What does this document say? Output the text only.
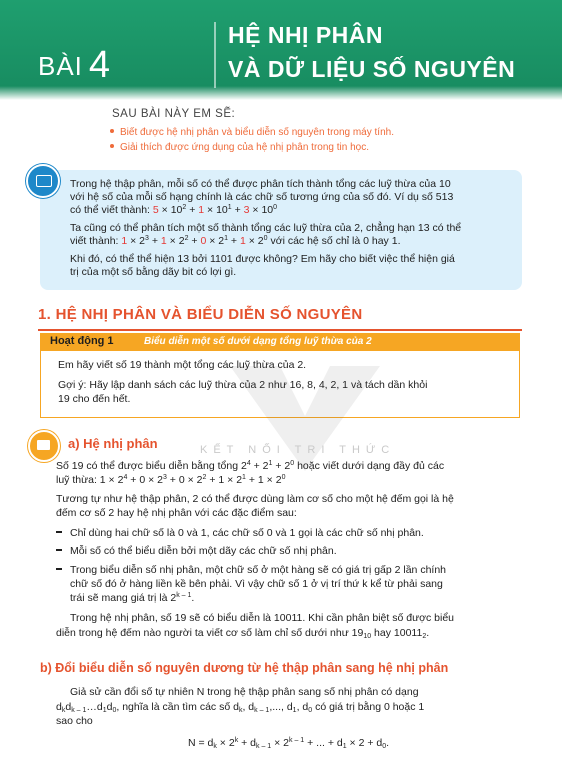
BÀI 4
HỆ NHỊ PHÂN
VÀ DỮ LIỆU SỐ NGUYÊN
SAU BÀI NÀY EM SẼ:
Biết được hệ nhị phân và biểu diễn số nguyên trong máy tính.
Giải thích được ứng dụng của hệ nhị phân trong tin học.
Trong hệ thập phân, mỗi số có thể được phân tích thành tổng các luỹ thừa của 10
với hệ số của mỗi số hạng chính là các chữ số tương ứng của số đó. Ví dụ số 513
có thể viết thành: $5 \times 10^2 + 1 \times 10^1 + 3 \times 10^0$
Ta cũng có thể phân tích một số thành tổng các luỹ thừa của 2, chẳng hạn 13 có thể
viết thành: $1 \times 2^3 + 1 \times 2^2 + 0 \times 2^1 + 1 \times 2^0$ với các hệ số chỉ là 0 hay 1.
Khi đó, có thể thể hiện 13 bởi 1101 được không? Em hãy cho biết việc thể hiện giá
trị của một số bằng dãy bit có lợi gì.
1. HỆ NHỊ PHÂN VÀ BIỂU DIỄN SỐ NGUYÊN
Hoạt động 1	Biểu diễn một số dưới dạng tổng luỹ thừa của 2
Em hãy viết số 19 thành một tổng các luỹ thừa của 2.
Gợi ý: Hãy lập danh sách các luỹ thừa của 2 như 16, 8, 4, 2, 1 và tách dần khỏi
19 cho đến hết.
KẾT NỐI TRI THỨC
a) Hệ nhị phân
Số 19 có thể được biểu diễn bằng tổng $2^4 + 2^1 + 2^0$ hoặc viết dưới dạng đầy đủ các
luỹ thừa: $1 \times 2^4 + 0 \times 2^3 + 0 \times 2^2 + 1 \times 2^1 + 1 \times 2^0$
Tương tự như hệ thập phân, 2 có thể được dùng làm cơ số cho một hệ đếm gọi là hệ
đếm cơ số 2 hay hệ nhị phân với các đặc điểm sau:
Chỉ dùng hai chữ số là 0 và 1, các chữ số 0 và 1 gọi là các chữ số nhị phân.
Mỗi số có thể biểu diễn bởi một dãy các chữ số nhị phân.
Trong biểu diễn số nhị phân, một chữ số ở một hàng sẽ có giá trị gấp 2 lần chính
chữ số đó ở hàng liền kề bên phải. Vì vậy chữ số 1 ở vị trí thứ k kể từ phải sang
trái sẽ mang giá trị là 2$^{k - 1}$.
Trong hệ nhị phân, số 19 sẽ có biểu diễn là 10011. Khi cần phân biệt số được biểu
diễn trong hệ đếm nào người ta viết cơ số làm chỉ số dưới như $19_{10}$ hay $10011_2$.
b) Đổi biểu diễn số nguyên dương từ hệ thập phân sang hệ nhị phân
Giả sử cần đổi số tự nhiên N trong hệ thập phân sang số nhị phân có dạng
$d_kd_{k - 1}\dots d_1d_0$, nghĩa là cần tìm các số $d_k$, $d_{k - 1}$,..., $d_1$, $d_0$ có giá trị bằng 0 hoặc 1
sao cho
$N = d_k \times 2^k + d_{k - 1} \times 2^{k - 1}$ + ... + $d_1 \times 2 + d_0$.
